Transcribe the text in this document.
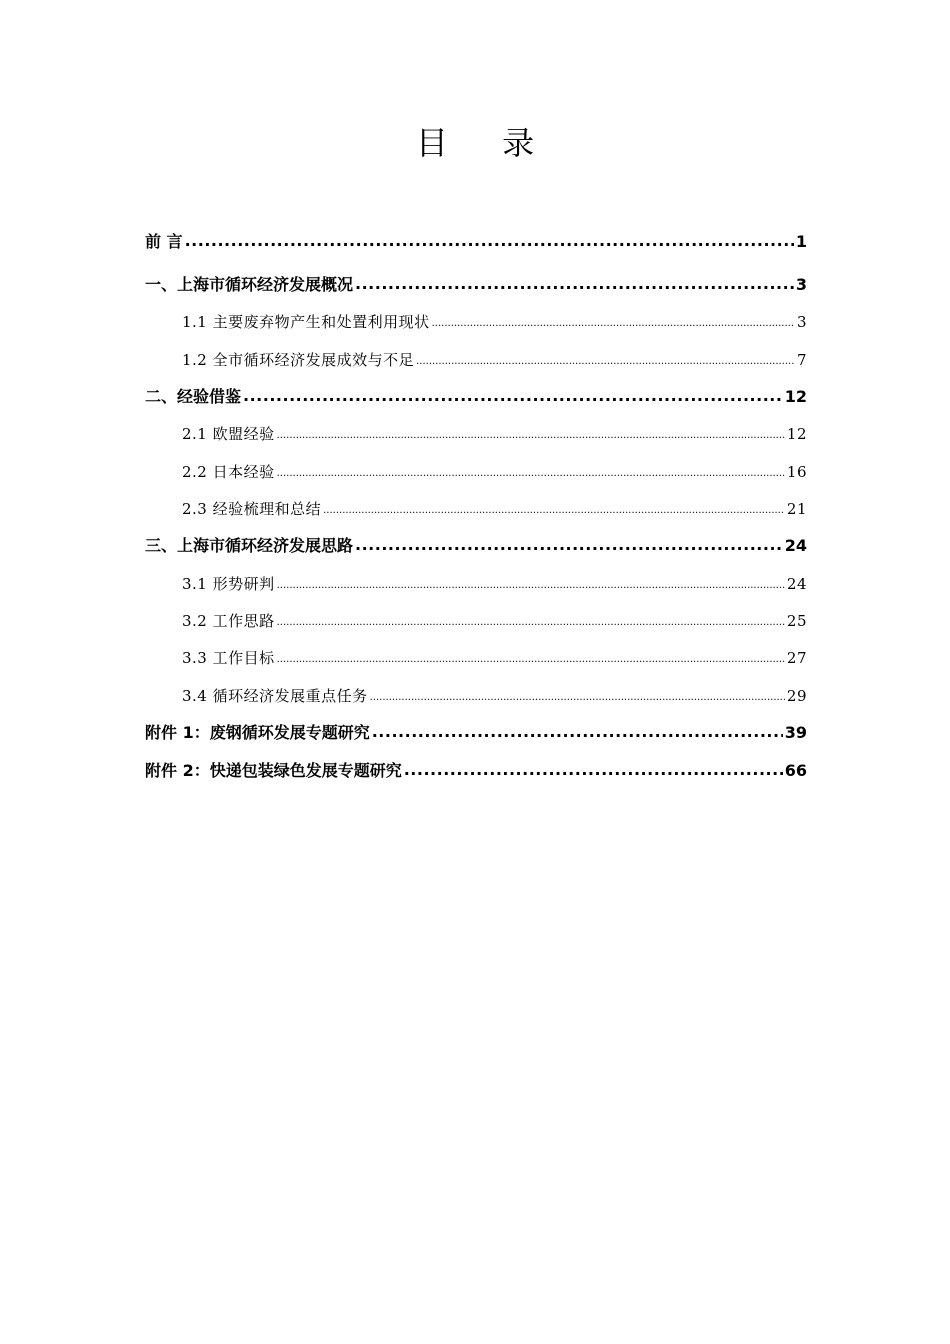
目 录
前 言 .....	1
一、上海市循环经济发展概况 .....	3
1.1 主要废弃物产生和处置利用现状 .....	3
1.2 全市循环经济发展成效与不足 .....	7
二、经验借鉴 .....	12
2.1 欧盟经验 .....	12
2.2 日本经验 .....	16
2.3 经验梳理和总结 .....	21
三、上海市循环经济发展思路 .....	24
3.1 形势研判 .....	24
3.2 工作思路 .....	25
3.3 工作目标 .....	27
3.4 循环经济发展重点任务 .....	29
附件 1：废钢循环发展专题研究 .....	39
附件 2：快递包装绿色发展专题研究 .....	66
